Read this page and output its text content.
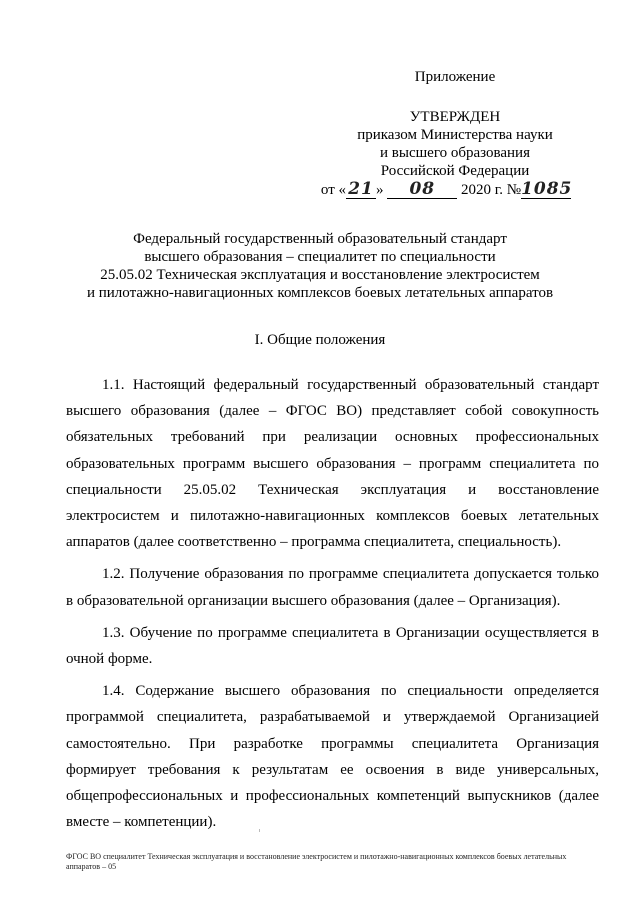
Приложение
УТВЕРЖДЕН
приказом Министерства науки
и высшего образования
Российской Федерации
от « 21 » 08 2020 г. №1085
Федеральный государственный образовательный стандарт
высшего образования – специалитет по специальности
25.05.02 Техническая эксплуатация и восстановление электросистем
и пилотажно-навигационных комплексов боевых летательных аппаратов
I. Общие положения

1.1. Настоящий федеральный государственный образовательный стандарт высшего образования (далее – ФГОС ВО) представляет собой совокупность обязательных требований при реализации основных профессиональных образовательных программ высшего образования – программ специалитета по специальности 25.05.02 Техническая эксплуатация и восстановление электросистем и пилотажно-навигационных комплексов боевых летательных аппаратов (далее соответственно – программа специалитета, специальность).

1.2. Получение образования по программе специалитета допускается только в образовательной организации высшего образования (далее – Организация).

1.3. Обучение по программе специалитета в Организации осуществляется в очной форме.

1.4. Содержание высшего образования по специальности определяется программой специалитета, разрабатываемой и утверждаемой Организацией самостоятельно. При разработке программы специалитета Организация формирует требования к результатам ее освоения в виде универсальных, общепрофессиональных и профессиональных компетенций выпускников (далее вместе – компетенции).

ФГОС ВО специалитет Техническая эксплуатация и восстановление электросистем и пилотажно-навигационных комплексов боевых летательных аппаратов – 05
